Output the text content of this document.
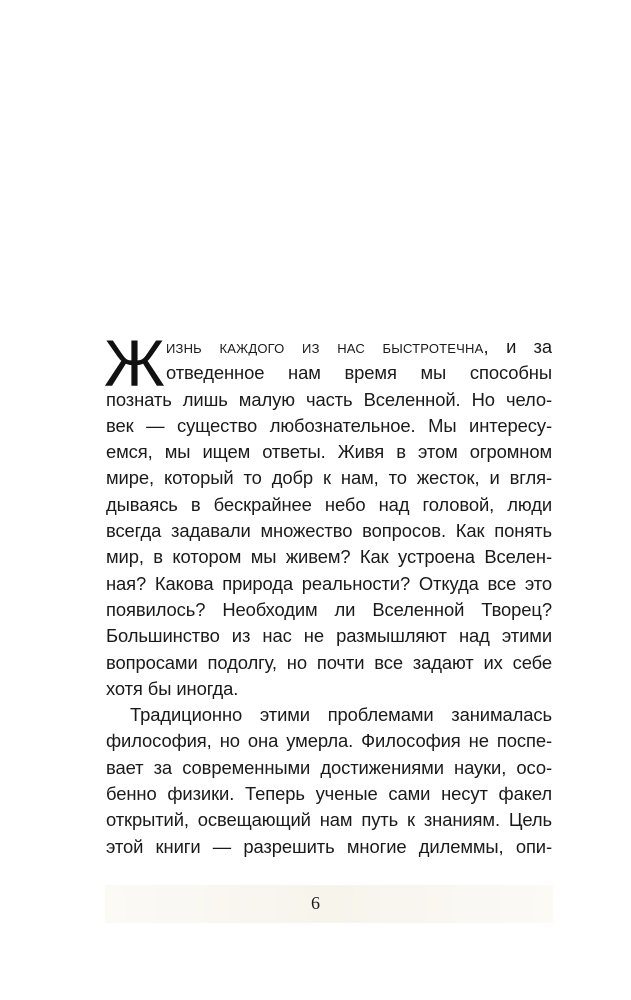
Ж изнь каждого из нас быстротечна, и за
отведенное нам время мы способны
познать лишь малую часть Вселенной. Но чело-
век — существо любознательное. Мы интересу-
емся, мы ищем ответы. Живя в этом огромном
мире, который то добр к нам, то жесток, и вгля-
дываясь в бескрайнее небо над головой, люди
всегда задавали множество вопросов. Как понять
мир, в котором мы живем? Как устроена Вселен-
ная? Какова природа реальности? Откуда все это
появилось? Необходим ли Вселенной Творец?
Большинство из нас не размышляют над этими
вопросами подолгу, но почти все задают их себе
хотя бы иногда.
Традиционно этими проблемами занималась
философия, но она умерла. Философия не поспе-
вает за современными достижениями науки, осо-
бенно физики. Теперь ученые сами несут факел
открытий, освещающий нам путь к знаниям. Цель
этой книги — разрешить многие дилеммы, опи-
6
